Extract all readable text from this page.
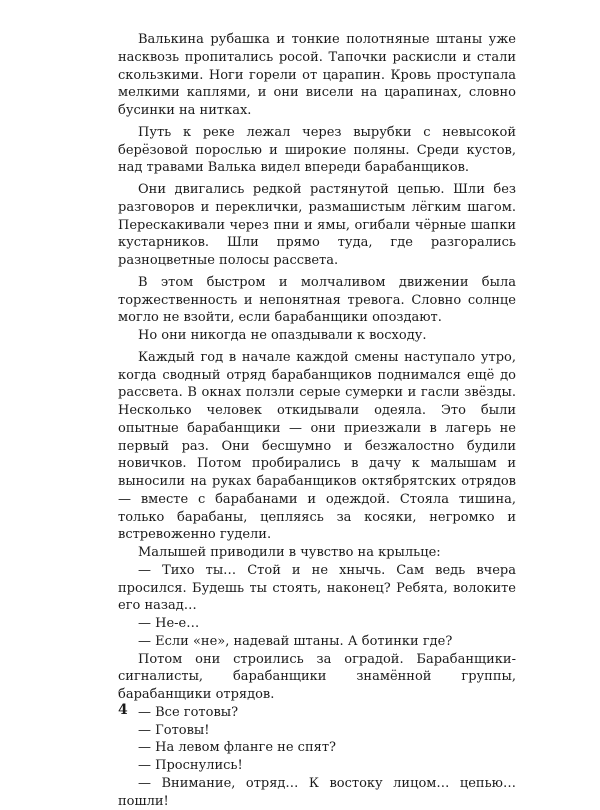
Валькина рубашка и тонкие полотняные штаны уже насквозь пропитались росой. Тапочки раскисли и стали скользкими. Ноги горели от царапин. Кровь проступала мелкими каплями, и они висели на царапинах, словно бусинки на нитках.

Путь к реке лежал через вырубки с невысокой берёзовой порослью и широкие поляны. Среди кустов, над травами Валька видел впереди барабанщиков.

Они двигались редкой растянутой цепью. Шли без разговоров и переклички, размашистым лёгким шагом. Перескакивали через пни и ямы, огибали чёрные шапки кустарников. Шли прямо туда, где разгорались разноцветные полосы рассвета.

В этом быстром и молчаливом движении была торжественность и непонятная тревога. Словно солнце могло не взойти, если барабанщики опоздают.

Но они никогда не опаздывали к восходу.

Каждый год в начале каждой смены наступало утро, когда сводный отряд барабанщиков поднимался ещё до рассвета. В окнах ползли серые сумерки и гасли звёзды. Несколько человек откидывали одеяла. Это были опытные барабанщики — они приезжали в лагерь не первый раз. Они бесшумно и безжалостно будили новичков. Потом пробирались в дачу к малышам и выносили на руках барабанщиков октябрятских отрядов — вместе с барабанами и одеждой. Стояла тишина, только барабаны, цепляясь за косяки, негромко и встревоженно гудели.

Малышей приводили в чувство на крыльце:

— Тихо ты… Стой и не хнычь. Сам ведь вчера просился. Будешь ты стоять, наконец? Ребята, волоките его назад…

— Не-е…

— Если «не», надевай штаны. А ботинки где?

Потом они строились за оградой. Барабанщики-сигналисты, барабанщики знамённой группы, барабанщики отрядов.

— Все готовы?

— Готовы!

— На левом фланге не спят?

— Проснулись!

— Внимание, отряд… К востоку лицом… цепью… пошли!

4
